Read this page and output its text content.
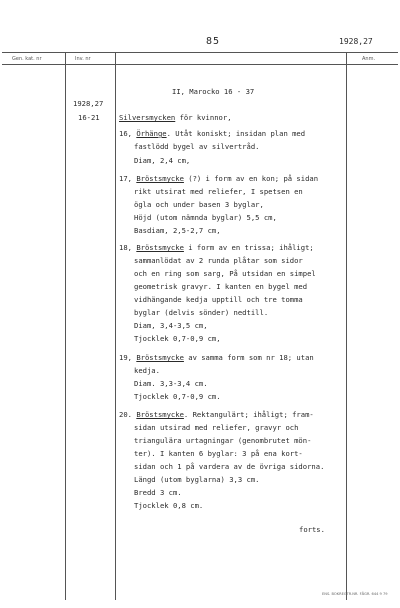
85	1928,27
Gen. kat. nr	Inv. nr	Anm.
II, Marocko 16 - 37
1928,27
16-21	Silversmycken för kvinnor,
16, Örhänge. Utåt koniskt; insidan plan med
fastlödd bygel av silvertråd.
Diam, 2,4 cm,
17, Bröstsmycke (?) i form av en kon; på sidan
rikt utsirat med reliefer, I spetsen en
ögla och under basen 3 byglar,
Höjd (utom nämnda byglar) 5,5 cm,
Basdiam, 2,5-2,7 cm,
18, Bröstsmycke i form av en trissa; ihåligt;
sammanlödat av 2 runda plåtar som sidor
och en ring som sarg, På utsidan en simpel
geometrisk gravyr. I kanten en bygel med
vidhängande kedja upptill och tre tomma
byglar (delvis sönder) nedtill.
Diam, 3,4-3,5 cm,
Tjocklek 0,7-0,9 cm,
19, Bröstsmycke av samma form som nr 18; utan
kedja.
Diam. 3,3-3,4 cm.
Tjocklek 0,7-0,9 cm.
20. Bröstsmycke. Rektangulärt; ihåligt; fram-
sidan utsirad med reliefer, gravyr och
triangulära urtagningar (genombrutet mön-
ter). I kanten 6 byglar: 3 på ena kort-
sidan och 1 på vardera av de övriga sidorna.
Längd (utom byglarna) 3,3 cm.
Bredd 3 cm.
Tjocklek 0,8 cm.
forts.
ENS. BOKREGTR.NR. FÅGR. 644 9 79
